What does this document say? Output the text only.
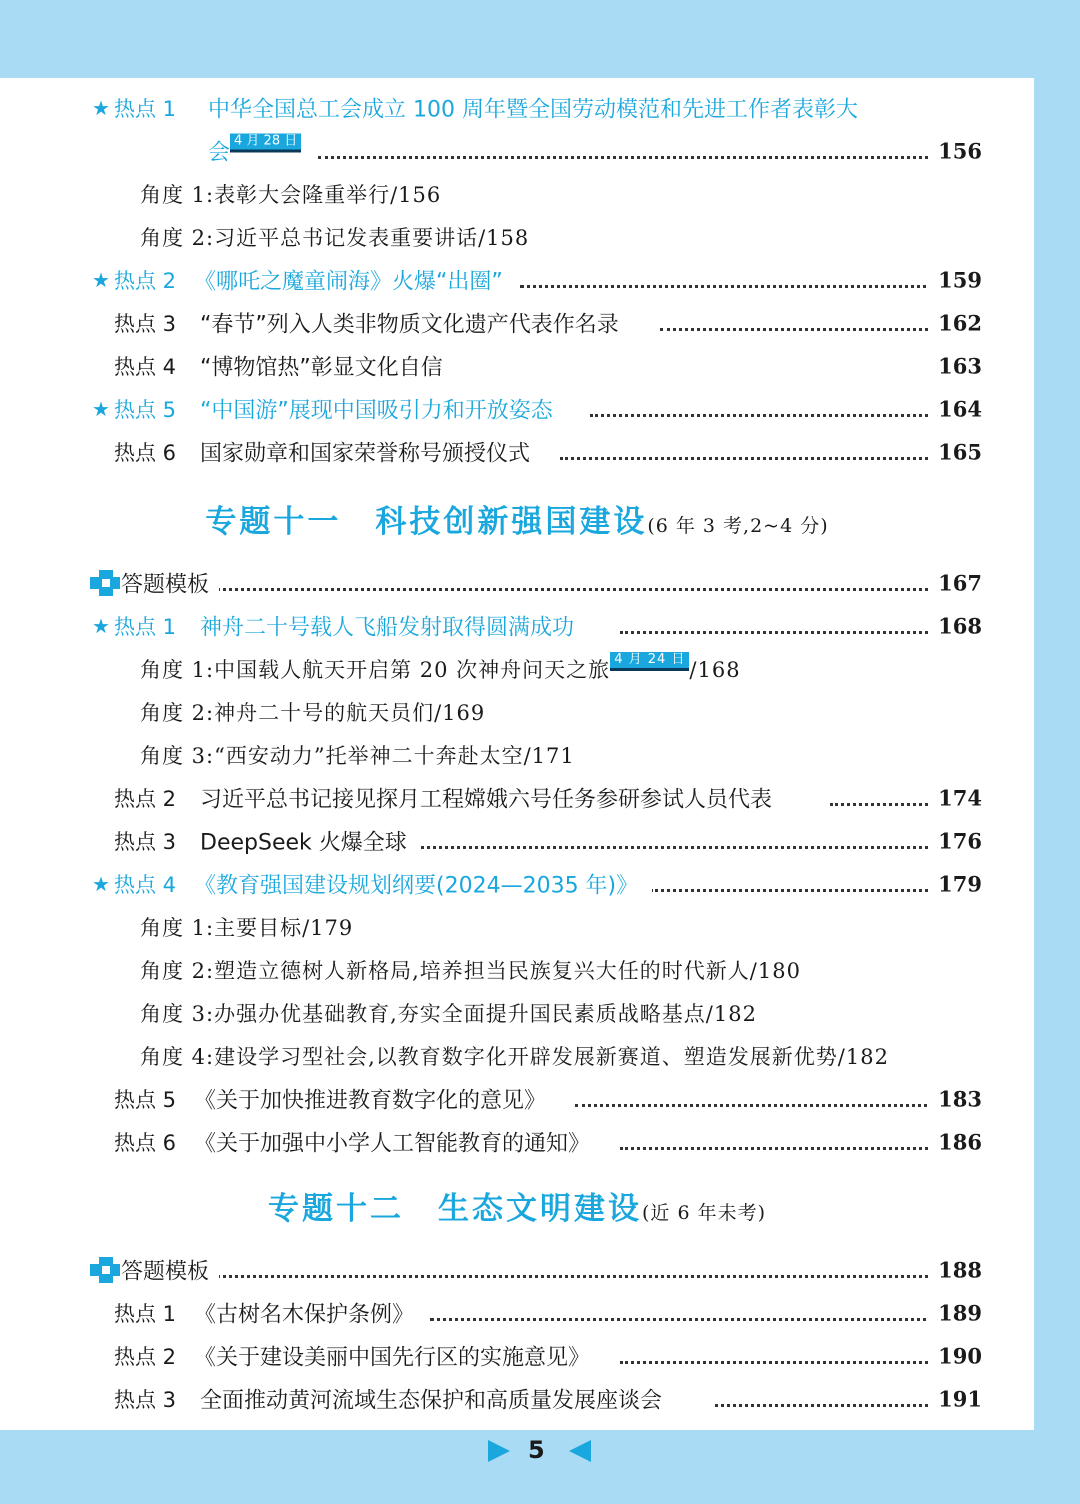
★ 热点 1 中华全国总工会成立 100 周年暨全国劳动模范和先进工作者表彰大
会 4 月 28 日	156
角度 1:表彰大会隆重举行/156
角度 2:习近平总书记发表重要讲话/158
★ 热点 2 《哪吒之魔童闹海》火爆“出圈”	159
热点 3 “春节”列入人类非物质文化遗产代表作名录	162
热点 4 “博物馆热”彰显文化自信	163
★ 热点 5 “中国游”展现中国吸引力和开放姿态	164
热点 6 国家勋章和国家荣誉称号颁授仪式	165
专题十一　科技创新强国建设(6 年 3 考,2~4 分)
答题模板	167
★ 热点 1 神舟二十号载人飞船发射取得圆满成功	168
角度 1:中国载人航天开启第 20 次神舟问天之旅 4 月 24 日 /168
角度 2:神舟二十号的航天员们/169
角度 3:“西安动力”托举神二十奔赴太空/171
热点 2 习近平总书记接见探月工程嫦娥六号任务参研参试人员代表	174
热点 3 DeepSeek 火爆全球	176
★ 热点 4 《教育强国建设规划纲要(2024—2035 年)》	179
角度 1:主要目标/179
角度 2:塑造立德树人新格局,培养担当民族复兴大任的时代新人/180
角度 3:办强办优基础教育,夯实全面提升国民素质战略基点/182
角度 4:建设学习型社会,以教育数字化开辟发展新赛道、塑造发展新优势/182
热点 5 《关于加快推进教育数字化的意见》	183
热点 6 《关于加强中小学人工智能教育的通知》	186
专题十二　生态文明建设(近 6 年未考)
答题模板	188
热点 1 《古树名木保护条例》	189
热点 2 《关于建设美丽中国先行区的实施意见》	190
热点 3 全面推动黄河流域生态保护和高质量发展座谈会	191
5
